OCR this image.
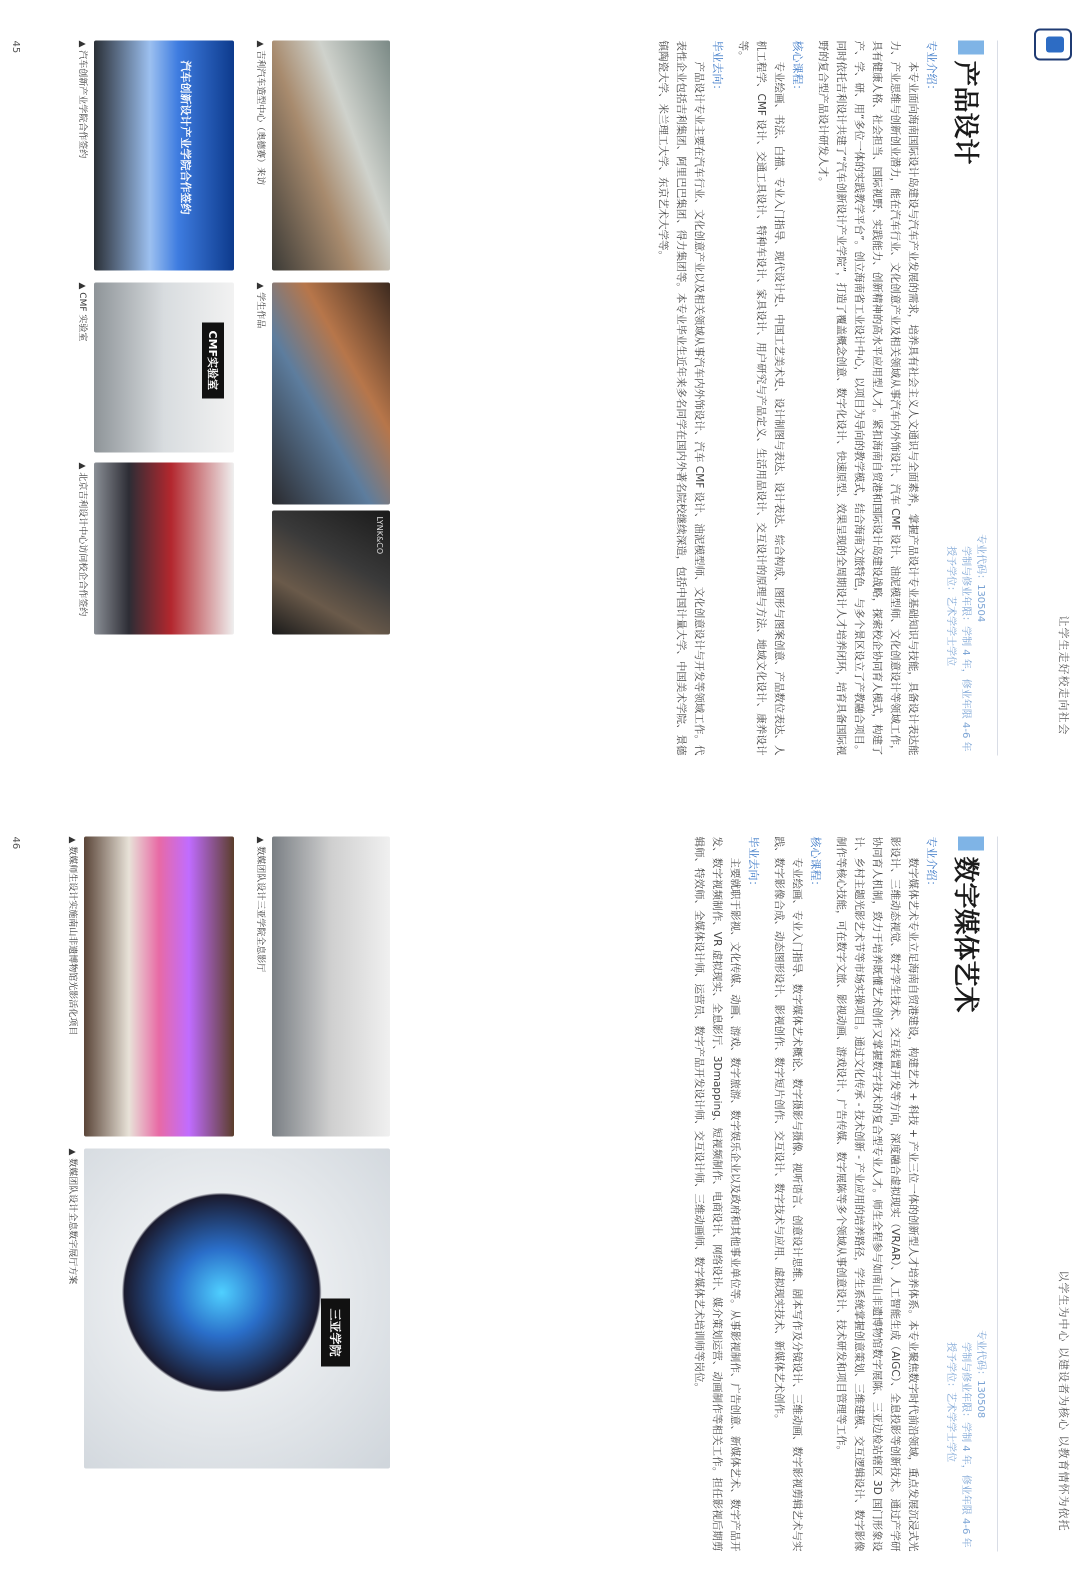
让学生走好校走向社会
产品设计
专业代码：130504
学制与修业年限：学制 4 年，修业年限 4-6 年
授予学位：艺术学学士学位
专业介绍：

本专业面向海南国际设计岛建设与汽车产业发展的需求，培养具有社会主义人文通识与全面素养，掌握产品设计专业基础知识与技能，具备设计表达能力、产业思维与创新创业潜力，能在汽车行业、文化创意产业及相关领域从事汽车内外饰设计、汽车 CMF 设计、油泥模型师、文化创意设计等领域工作，具有健康人格、社会担当、国际视野、实践能力、创新精神的高水平应用型人才。紧扣海南自贸港和国际设计岛建设战略，探索校企协同育人模式，构建了产、学、研、用“多位一体的实践教学平台”。创立海南省工业设计中心，以项目为导向的教学模式，结合海南文旅特色，与多个景区设立了产教融合项目。同时依托吉利设计共建了“汽车创新设计产业学院”，打造了覆盖概念创意、数字化设计、快速原型、效果呈现的全周期设计人才培养闭环，培育具备国际视野的复合型产品设计研发人才。

核心课程：

专业绘画、书法、白描、专业入门指导、现代设计史、中国工艺美术史、设计制图与表达、设计表达、综合构成、图形与图案创意、产品数位表达、人机工程学、CMF 设计、交通工具设计、特种车设计、家具设计、用户研究与产品定义、生活用品设计、交互设计的原理与方法、地域文化设计、康养设计等。

毕业去向：

产品设计专业主要在汽车行业、文化创意产业以及相关领域从事汽车内外饰设计、汽车 CMF 设计、油泥模型师、文化创意设计与开发等领域工作。代表性企业包括吉利集团、阿里巴巴集团、得力集团等。本专业毕业生近年来多名同学在国内外著名院校继续深造，包括中国计量大学、中国美术学院、景德镇陶瓷大学、米兰理工大学、东京艺术大学等。

▲ 吉利汽车造型中心（奥德赛）来访
LYNK&CO
▲ 学生作品
汽车创新设计产业学院合作签约
▲ 汽车创新产业学院合作签约
CMF实验室
▲ CMF 实验室
▲ 北京吉利设计中心访问校企合作签约
45
以学生为中心 以建设者为核心 以教育情怀为依托
数字媒体艺术
专业代码：130508
学制与修业年限：学制 4 年，修业年限 4-6 年
授予学位：艺术学学士学位
专业介绍：

数字媒体艺术专业立足海南自贸港建设，构建艺术 + 科技 + 产业三位一体的创新型人才培养体系。本专业聚焦数字时代前沿领域，重点发展沉浸式光影设计、三维动态视觉、数字孪生技术、交互装置开发等方向，深度融合虚拟现实（VR/AR）、人工智能生成（AIGC）、全息投影等创新技术。通过产学研协同育人机制，致力于培养既懂艺术创作又掌握数字技术的复合型专业人才。师生全程参与如南山非遗博物馆数字展陈、三亚边检站辖区 3D 国门形象设计、乡村主题光影艺术节等市场实操项目。通过文化传承 - 技术创新 - 产业应用的培养路径，学生系统掌握创意策划、三维建模、交互逻辑设计、数字影像制作等核心技能，可在数字文旅、影视动画、游戏设计、广告传媒、数字展陈等多个领域从事创意设计、技术研发和项目管理等工作。

核心课程：

专业绘画、专业入门指导、数字媒体艺术概论、数字摄影与摄像、视听语言、创意设计思维、剧本写作及分镜设计、三维动画、数字影视剪辑艺术与实践、数字影像合成、动态图形设计、影视创作、数字短片创作、交互设计、数字技术与应用、虚拟现实技术、新媒体艺术创作。

毕业去向：

主要就职于影视、文化传媒、动画、游戏、数字旅游、数字娱乐企业以及政府和其他事业单位等。从事影视制作、广告创意、新媒体艺术、数字产品开发、数字视频制作、VR 虚拟现实、全息影厅、3Dmapping、短视频制作、电商设计、网络设计、媒介策划运营、动画制作等相关工作。担任影视后期剪辑师、特效师、全媒体设计师、运营员、数字产品开发设计师、交互设计师、三维动画师、数字媒体艺术培训师等岗位。

▲ 数媒团队设计三亚学院全息影厅
▲ 数媒师生设计实施南山非遗博物馆光影活化项目
三亚学院
▲ 数媒团队设计全息数字展厅方案
46
